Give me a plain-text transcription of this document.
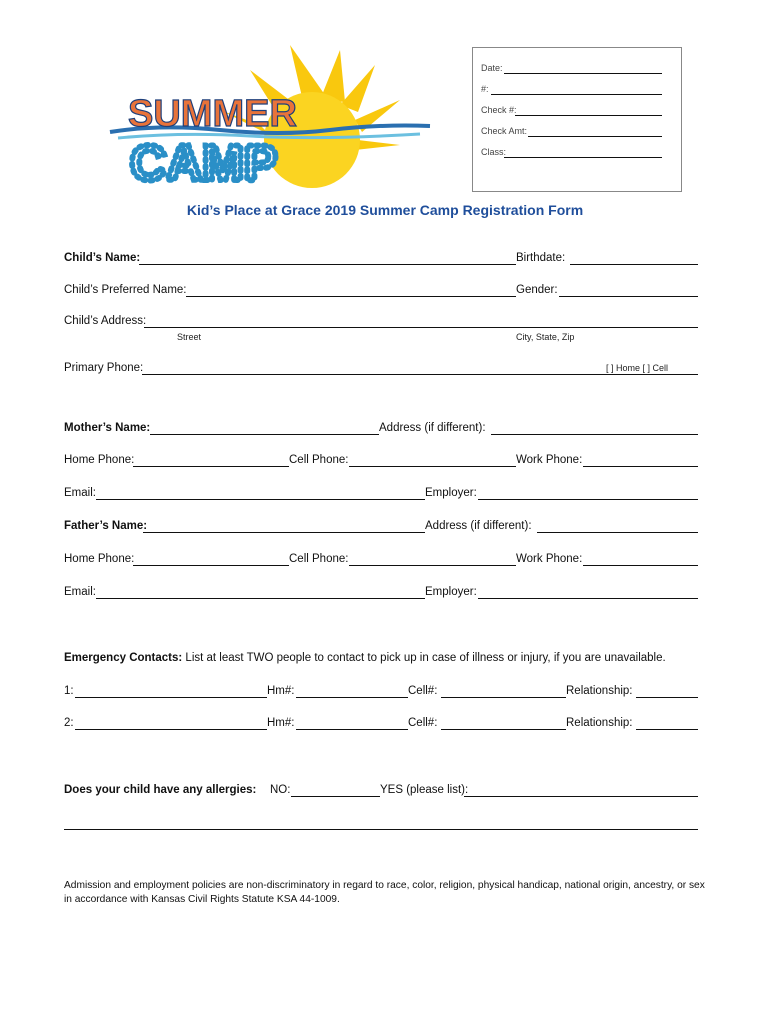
SUMMER
CAMP
Date:
#:
Check #:
Check Amt:
Class:
Kid’s Place at Grace 2019 Summer Camp Registration Form
Child’s Name:	Birthdate:
Child’s Preferred Name:	Gender:
Child’s Address:
Street	City, State, Zip
Primary Phone:	[ ] Home [ ] Cell
Mother’s Name:	Address (if different):
Home Phone:	Cell Phone:	Work Phone:
Email:	Employer:
Father’s Name:	Address (if different):
Home Phone:	Cell Phone:	Work Phone:
Email:	Employer:
Emergency Contacts: List at least TWO people to contact to pick up in case of illness or injury, if you are unavailable.
1:	Hm#:	Cell#:	Relationship:
2:	Hm#:	Cell#:	Relationship:
Does your child have any allergies: NO:	YES (please list):
Admission and employment policies are non-discriminatory in regard to race, color, religion, physical handicap, national origin, ancestry, or sex
in accordance with Kansas Civil Rights Statute KSA 44-1009.
